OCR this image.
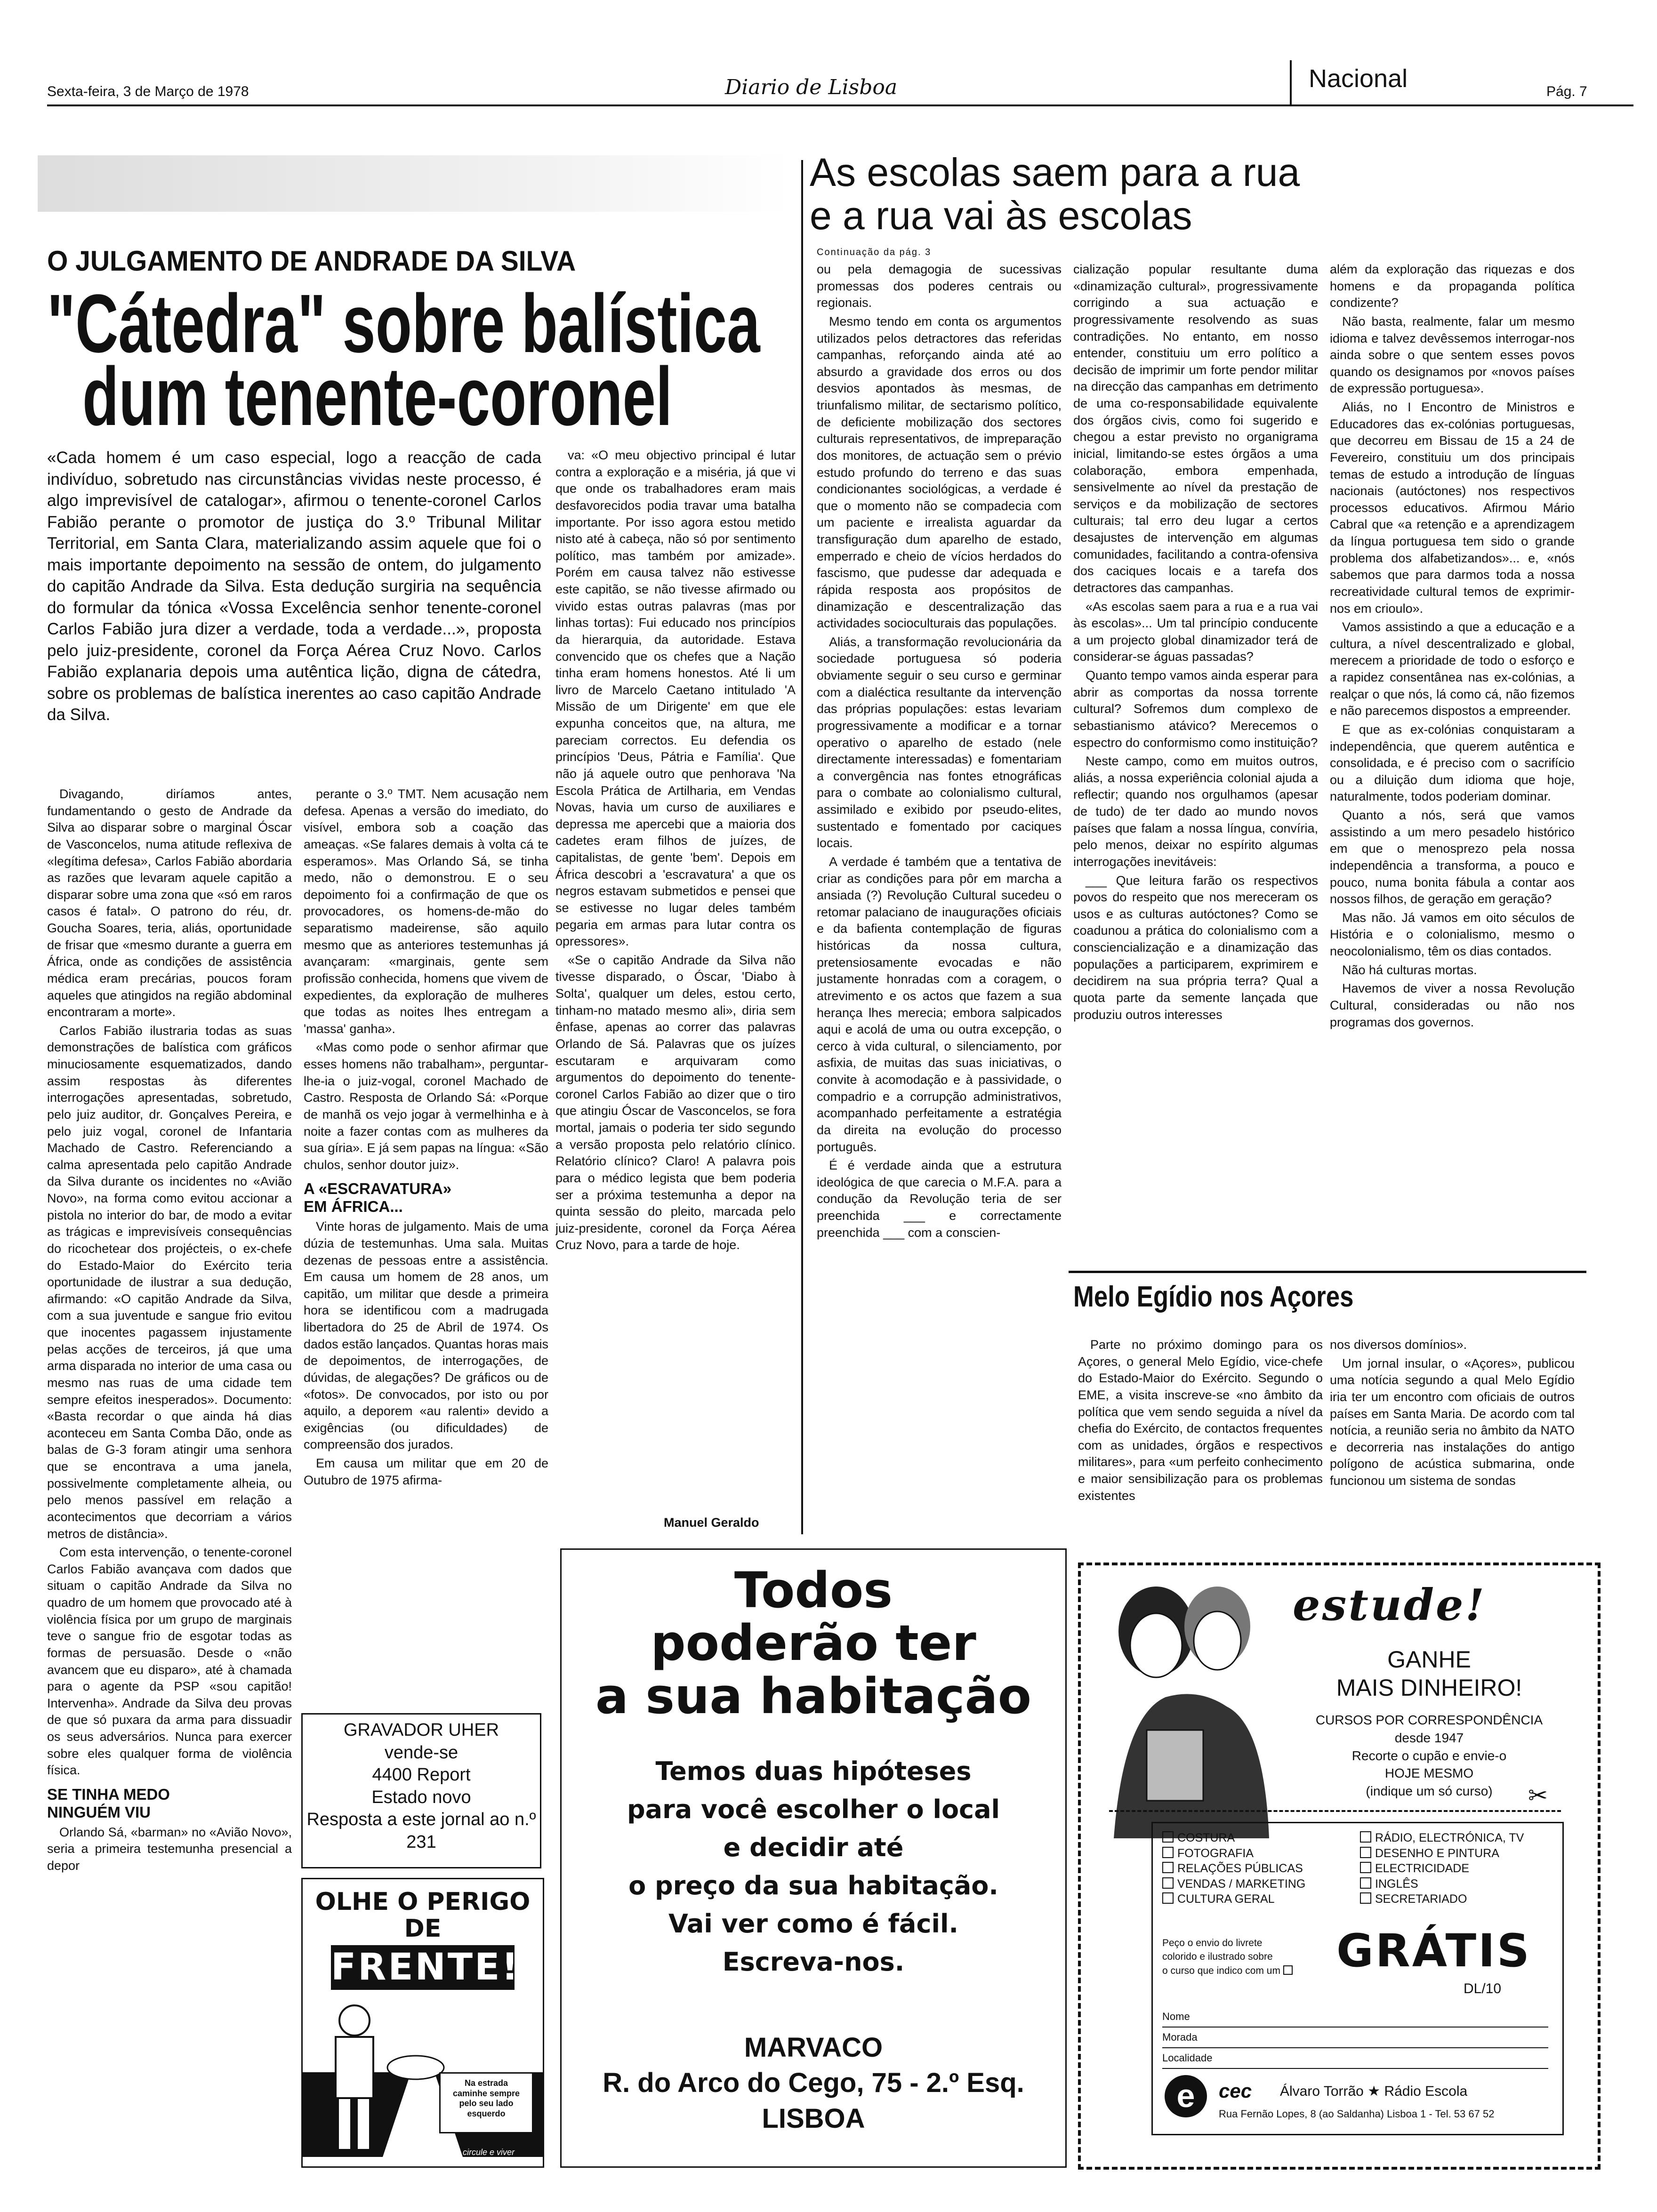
Sexta-feira, 3 de Março de 1978	Diario de Lisboa	Nacional	Pág. 7
O JULGAMENTO DE ANDRADE DA SILVA
"Cátedra" sobre balística
dum tenente-coronel
«Cada homem é um caso especial, logo a reacção de cada indivíduo, sobretudo nas circunstâncias vividas neste processo, é algo imprevisível de catalogar», afirmou o tenente-coronel Carlos Fabião perante o promotor de justiça do 3.º Tribunal Militar Territorial, em Santa Clara, materializando assim aquele que foi o mais importante depoimento na sessão de ontem, do julgamento do capitão Andrade da Silva. Esta dedução surgiria na sequência do formular da tónica «Vossa Excelência senhor tenente-coronel Carlos Fabião jura dizer a verdade, toda a verdade...», proposta pelo juiz-presidente, coronel da Força Aérea Cruz Novo. Carlos Fabião explanaria depois uma autêntica lição, digna de cátedra, sobre os problemas de balística inerentes ao caso capitão Andrade da Silva.

Divagando, diríamos antes, fundamentando o gesto de Andrade da Silva ao disparar sobre o marginal Óscar de Vasconcelos, numa atitude reflexiva de «legítima defesa», Carlos Fabião abordaria as razões que levaram aquele capitão a disparar sobre uma zona que «só em raros casos é fatal». O patrono do réu, dr. Goucha Soares, teria, aliás, oportunidade de frisar que «mesmo durante a guerra em África, onde as condições de assistência médica eram precárias, poucos foram aqueles que atingidos na região abdominal encontraram a morte».

Carlos Fabião ilustraria todas as suas demonstrações de balística com gráficos minuciosamente esquematizados, dando assim respostas às diferentes interrogações apresentadas, sobretudo, pelo juiz auditor, dr. Gonçalves Pereira, e pelo juiz vogal, coronel de Infantaria Machado de Castro. Referenciando a calma apresentada pelo capitão Andrade da Silva durante os incidentes no «Avião Novo», na forma como evitou accionar a pistola no interior do bar, de modo a evitar as trágicas e imprevisíveis consequências do ricochetear dos projécteis, o ex-chefe do Estado-Maior do Exército teria oportunidade de ilustrar a sua dedução, afirmando: «O capitão Andrade da Silva, com a sua juventude e sangue frio evitou que inocentes pagassem injustamente pelas acções de terceiros, já que uma arma disparada no interior de uma casa ou mesmo nas ruas de uma cidade tem sempre efeitos inesperados». Documento: «Basta recordar o que ainda há dias aconteceu em Santa Comba Dão, onde as balas de G-3 foram atingir uma senhora que se encontrava a uma janela, possivelmente completamente alheia, ou pelo menos passível em relação a acontecimentos que decorriam a vários metros de distância».

Com esta intervenção, o tenente-coronel Carlos Fabião avançava com dados que situam o capitão Andrade da Silva no quadro de um homem que provocado até à violência física por um grupo de marginais teve o sangue frio de esgotar todas as formas de persuasão. Desde o «não avancem que eu disparo», até à chamada para o agente da PSP «sou capitão! Intervenha». Andrade da Silva deu provas de que só puxara da arma para dissuadir os seus adversários. Nunca para exercer sobre eles qualquer forma de violência física.

SE TINHA MEDO
NINGUÉM VIU

Orlando Sá, «barman» no «Avião Novo», seria a primeira testemunha presencial a depor

perante o 3.º TMT. Nem acusação nem defesa. Apenas a versão do imediato, do visível, embora sob a coação das ameaças. «Se falares demais à volta cá te esperamos». Mas Orlando Sá, se tinha medo, não o demonstrou. E o seu depoimento foi a confirmação de que os provocadores, os homens-de-mão do separatismo madeirense, são aquilo mesmo que as anteriores testemunhas já avançaram: «marginais, gente sem profissão conhecida, homens que vivem de expedientes, da exploração de mulheres que todas as noites lhes entregam a 'massa' ganha».

«Mas como pode o senhor afirmar que esses homens não trabalham», perguntar-lhe-ia o juiz-vogal, coronel Machado de Castro. Resposta de Orlando Sá: «Porque de manhã os vejo jogar à vermelhinha e à noite a fazer contas com as mulheres da sua gíria». E já sem papas na língua: «São chulos, senhor doutor juiz».

A «ESCRAVATURA»
EM ÁFRICA...

Vinte horas de julgamento. Mais de uma dúzia de testemunhas. Uma sala. Muitas dezenas de pessoas entre a assistência. Em causa um homem de 28 anos, um capitão, um militar que desde a primeira hora se identificou com a madrugada libertadora do 25 de Abril de 1974. Os dados estão lançados. Quantas horas mais de depoimentos, de interrogações, de dúvidas, de alegações? De gráficos ou de «fotos». De convocados, por isto ou por aquilo, a deporem «au ralenti» devido a exigências (ou dificuldades) de compreensão dos jurados.

Em causa um militar que em 20 de Outubro de 1975 afirma-

va: «O meu objectivo principal é lutar contra a exploração e a miséria, já que vi que onde os trabalhadores eram mais desfavorecidos podia travar uma batalha importante. Por isso agora estou metido nisto até à cabeça, não só por sentimento político, mas também por amizade». Porém em causa talvez não estivesse este capitão, se não tivesse afirmado ou vivido estas outras palavras (mas por linhas tortas): Fui educado nos princípios da hierarquia, da autoridade. Estava convencido que os chefes que a Nação tinha eram homens honestos. Até li um livro de Marcelo Caetano intitulado 'A Missão de um Dirigente' em que ele expunha conceitos que, na altura, me pareciam correctos. Eu defendia os princípios 'Deus, Pátria e Família'. Que não já aquele outro que penhorava 'Na Escola Prática de Artilharia, em Vendas Novas, havia um curso de auxiliares e depressa me apercebi que a maioria dos cadetes eram filhos de juízes, de capitalistas, de gente 'bem'. Depois em África descobri a 'escravatura' a que os negros estavam submetidos e pensei que se estivesse no lugar deles também pegaria em armas para lutar contra os opressores».

«Se o capitão Andrade da Silva não tivesse disparado, o Óscar, 'Diabo à Solta', qualquer um deles, estou certo, tinham-no matado mesmo ali», diria sem ênfase, apenas ao correr das palavras Orlando de Sá. Palavras que os juízes escutaram e arquivaram como argumentos do depoimento do tenente-coronel Carlos Fabião ao dizer que o tiro que atingiu Óscar de Vasconcelos, se fora mortal, jamais o poderia ter sido segundo a versão proposta pelo relatório clínico. Relatório clínico? Claro! A palavra pois para o médico legista que bem poderia ser a próxima testemunha a depor na quinta sessão do pleito, marcada pelo juiz-presidente, coronel da Força Aérea Cruz Novo, para a tarde de hoje.

Manuel Geraldo
GRAVADOR UHER
vende-se
4400 Report
Estado novo
Resposta a este jornal ao n.º 231
OLHE O PERIGO
DE
FRENTE!
Na estrada
caminhe sempre
pelo seu lado
esquerdo
circule e viver
As escolas saem para a rua
e a rua vai às escolas
Continuação da pág. 3

ou pela demagogia de sucessivas promessas dos poderes centrais ou regionais.

Mesmo tendo em conta os argumentos utilizados pelos detractores das referidas campanhas, reforçando ainda até ao absurdo a gravidade dos erros ou dos desvios apontados às mesmas, de triunfalismo militar, de sectarismo político, de deficiente mobilização dos sectores culturais representativos, de impreparação dos monitores, de actuação sem o prévio estudo profundo do terreno e das suas condicionantes sociológicas, a verdade é que o momento não se compadecia com um paciente e irrealista aguardar da transfiguração dum aparelho de estado, emperrado e cheio de vícios herdados do fascismo, que pudesse dar adequada e rápida resposta aos propósitos de dinamização e descentralização das actividades socioculturais das populações.

Aliás, a transformação revolucionária da sociedade portuguesa só poderia obviamente seguir o seu curso e germinar com a dialéctica resultante da intervenção das próprias populações: estas levariam progressivamente a modificar e a tornar operativo o aparelho de estado (nele directamente interessadas) e fomentariam a convergência nas fontes etnográficas para o combate ao colonialismo cultural, assimilado e exibido por pseudo-elites, sustentado e fomentado por caciques locais.

A verdade é também que a tentativa de criar as condições para pôr em marcha a ansiada (?) Revolução Cultural sucedeu o retomar palaciano de inaugurações oficiais e da bafienta contemplação de figuras históricas da nossa cultura, pretensiosamente evocadas e não justamente honradas com a coragem, o atrevimento e os actos que fazem a sua herança lhes merecia; embora salpicados aqui e acolá de uma ou outra excepção, o cerco à vida cultural, o silenciamento, por asfixia, de muitas das suas iniciativas, o convite à acomodação e à passividade, o compadrio e a corrupção administrativos, acompanhado perfeitamente a estratégia da direita na evolução do processo português.

É é verdade ainda que a estrutura ideológica de que carecia o M.F.A. para a condução da Revolução teria de ser preenchida ___ e correctamente preenchida ___ com a conscien-

cialização popular resultante duma «dinamização cultural», progressivamente corrigindo a sua actuação e progressivamente resolvendo as suas contradições. No entanto, em nosso entender, constituiu um erro político a decisão de imprimir um forte pendor militar na direcção das campanhas em detrimento de uma co-responsabilidade equivalente dos órgãos civis, como foi sugerido e chegou a estar previsto no organigrama inicial, limitando-se estes órgãos a uma colaboração, embora empenhada, sensivelmente ao nível da prestação de serviços e da mobilização de sectores culturais; tal erro deu lugar a certos desajustes de intervenção em algumas comunidades, facilitando a contra-ofensiva dos caciques locais e a tarefa dos detractores das campanhas.

«As escolas saem para a rua e a rua vai às escolas»... Um tal princípio conducente a um projecto global dinamizador terá de considerar-se águas passadas?

Quanto tempo vamos ainda esperar para abrir as comportas da nossa torrente cultural? Sofremos dum complexo de sebastianismo atávico? Merecemos o espectro do conformismo como instituição?

Neste campo, como em muitos outros, aliás, a nossa experiência colonial ajuda a reflectir; quando nos orgulhamos (apesar de tudo) de ter dado ao mundo novos países que falam a nossa língua, convíria, pelo menos, deixar no espírito algumas interrogações inevitáveis:

___ Que leitura farão os respectivos povos do respeito que nos mereceram os usos e as culturas autóctones? Como se coadunou a prática do colonialismo com a consciencialização e a dinamização das populações a participarem, exprimirem e decidirem na sua própria terra? Qual a quota parte da semente lançada que produziu outros interesses

além da exploração das riquezas e dos homens e da propaganda política condizente?

Não basta, realmente, falar um mesmo idioma e talvez devêssemos interrogar-nos ainda sobre o que sentem esses povos quando os designamos por «novos países de expressão portuguesa».

Aliás, no I Encontro de Ministros e Educadores das ex-colónias portuguesas, que decorreu em Bissau de 15 a 24 de Fevereiro, constituiu um dos principais temas de estudo a introdução de línguas nacionais (autóctones) nos respectivos processos educativos. Afirmou Mário Cabral que «a retenção e a aprendizagem da língua portuguesa tem sido o grande problema dos alfabetizandos»... e, «nós sabemos que para darmos toda a nossa recreatividade cultural temos de exprimir-nos em crioulo».

Vamos assistindo a que a educação e a cultura, a nível descentralizado e global, merecem a prioridade de todo o esforço e a rapidez consentânea nas ex-colónias, a realçar o que nós, lá como cá, não fizemos e não parecemos dispostos a empreender.

E que as ex-colónias conquistaram a independência, que querem autêntica e consolidada, e é preciso com o sacrifício ou a diluição dum idioma que hoje, naturalmente, todos poderiam dominar.

Quanto a nós, será que vamos assistindo a um mero pesadelo histórico em que o menosprezo pela nossa independência a transforma, a pouco e pouco, numa bonita fábula a contar aos nossos filhos, de geração em geração?

Mas não. Já vamos em oito séculos de História e o colonialismo, mesmo o neocolonialismo, têm os dias contados.

Não há culturas mortas.

Havemos de viver a nossa Revolução Cultural, consideradas ou não nos programas dos governos.

Melo Egídio nos Açores

Parte no próximo domingo para os Açores, o general Melo Egídio, vice-chefe do Estado-Maior do Exército. Segundo o EME, a visita inscreve-se «no âmbito da política que vem sendo seguida a nível da chefia do Exército, de contactos frequentes com as unidades, órgãos e respectivos militares», para «um perfeito conhecimento e maior sensibilização para os problemas existentes

nos diversos domínios».

Um jornal insular, o «Açores», publicou uma notícia segundo a qual Melo Egídio iria ter um encontro com oficiais de outros países em Santa Maria. De acordo com tal notícia, a reunião seria no âmbito da NATO e decorreria nas instalações do antigo polígono de acústica submarina, onde funcionou um sistema de sondas

Todos
poderão ter
a sua habitação
Temos duas hipóteses
para você escolher o local
e decidir até
o preço da sua habitação.
Vai ver como é fácil.
Escreva-nos.
MARVACO
R. do Arco do Cego, 75 - 2.º Esq.
LISBOA
estude!
GANHE
MAIS DINHEIRO!
CURSOS POR CORRESPONDÊNCIA
desde 1947
Recorte o cupão e envie-o
HOJE MESMO
(indique um só curso)	✂
COSTURA
FOTOGRAFIA
RELAÇÕES PÚBLICAS
VENDAS / MARKETING
CULTURA GERAL
RÁDIO, ELECTRÓNICA, TV
DESENHO E PINTURA
ELECTRICIDADE
INGLÊS
SECRETARIADO
Peço o envio do livrete
colorido e ilustrado sobre
o curso que indico com um	GRÁTIS
DL/10
Nome
Morada
Localidade
e	cec Álvaro Torrão ★ Rádio Escola
Rua Fernão Lopes, 8 (ao Saldanha) Lisboa 1 - Tel. 53 67 52
